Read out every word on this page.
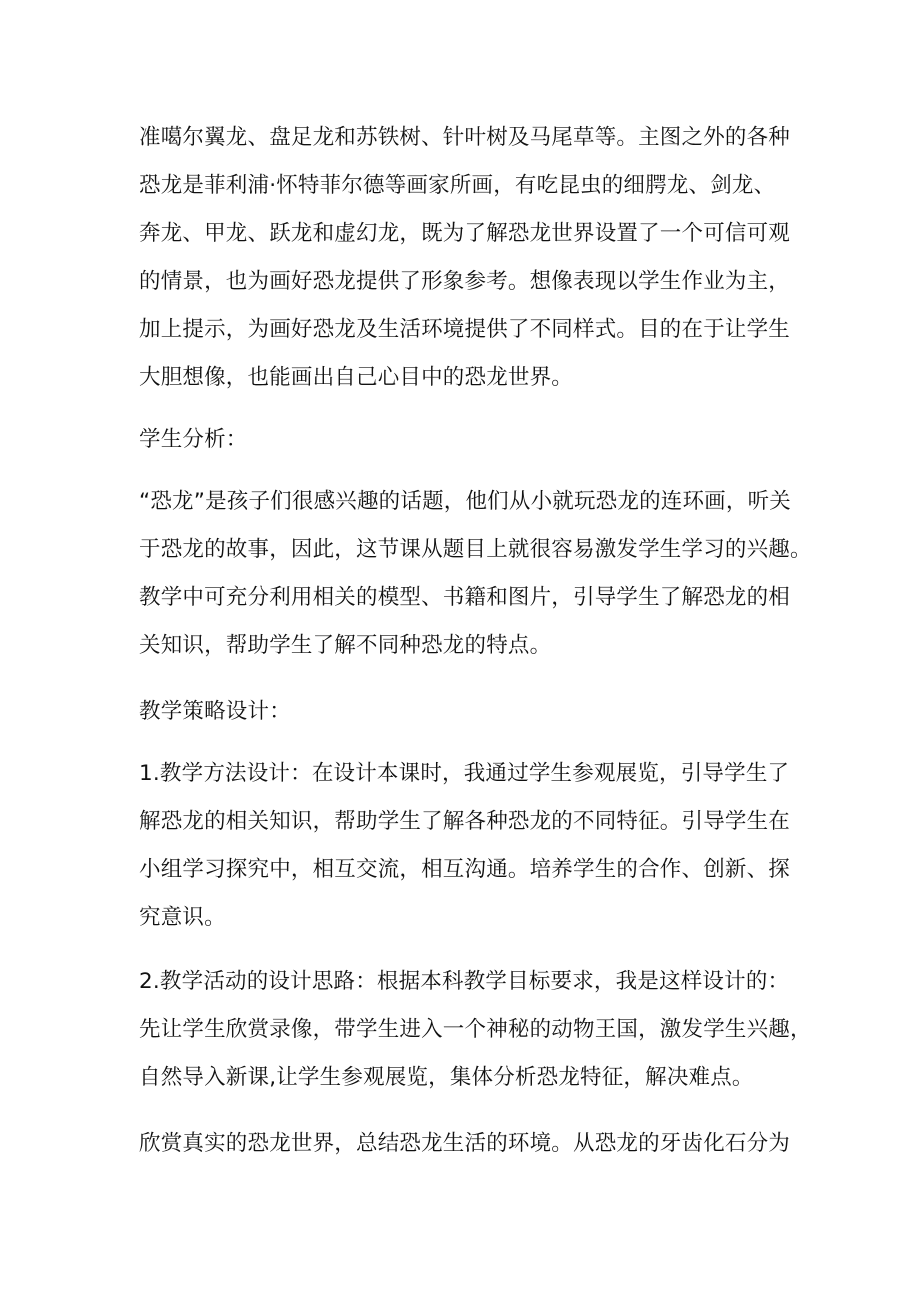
准噶尔翼龙、盘足龙和苏铁树、针叶树及马尾草等。主图之外的各种
恐龙是菲利浦·怀特菲尔德等画家所画，有吃昆虫的细腭龙、剑龙、
奔龙、甲龙、跃龙和虚幻龙，既为了解恐龙世界设置了一个可信可观
的情景，也为画好恐龙提供了形象参考。想像表现以学生作业为主，
加上提示，为画好恐龙及生活环境提供了不同样式。目的在于让学生
大胆想像，也能画出自己心目中的恐龙世界。
学生分析：
“恐龙”是孩子们很感兴趣的话题，他们从小就玩恐龙的连环画，听关
于恐龙的故事，因此，这节课从题目上就很容易激发学生学习的兴趣。
教学中可充分利用相关的模型、书籍和图片，引导学生了解恐龙的相
关知识，帮助学生了解不同种恐龙的特点。
教学策略设计：
1.教学方法设计：在设计本课时，我通过学生参观展览，引导学生了
解恐龙的相关知识，帮助学生了解各种恐龙的不同特征。引导学生在
小组学习探究中，相互交流，相互沟通。培养学生的合作、创新、探
究意识。
2.教学活动的设计思路：根据本科教学目标要求，我是这样设计的：
先让学生欣赏录像，带学生进入一个神秘的动物王国，激发学生兴趣，
自然导入新课,让学生参观展览，集体分析恐龙特征，解决难点。
欣赏真实的恐龙世界，总结恐龙生活的环境。从恐龙的牙齿化石分为
